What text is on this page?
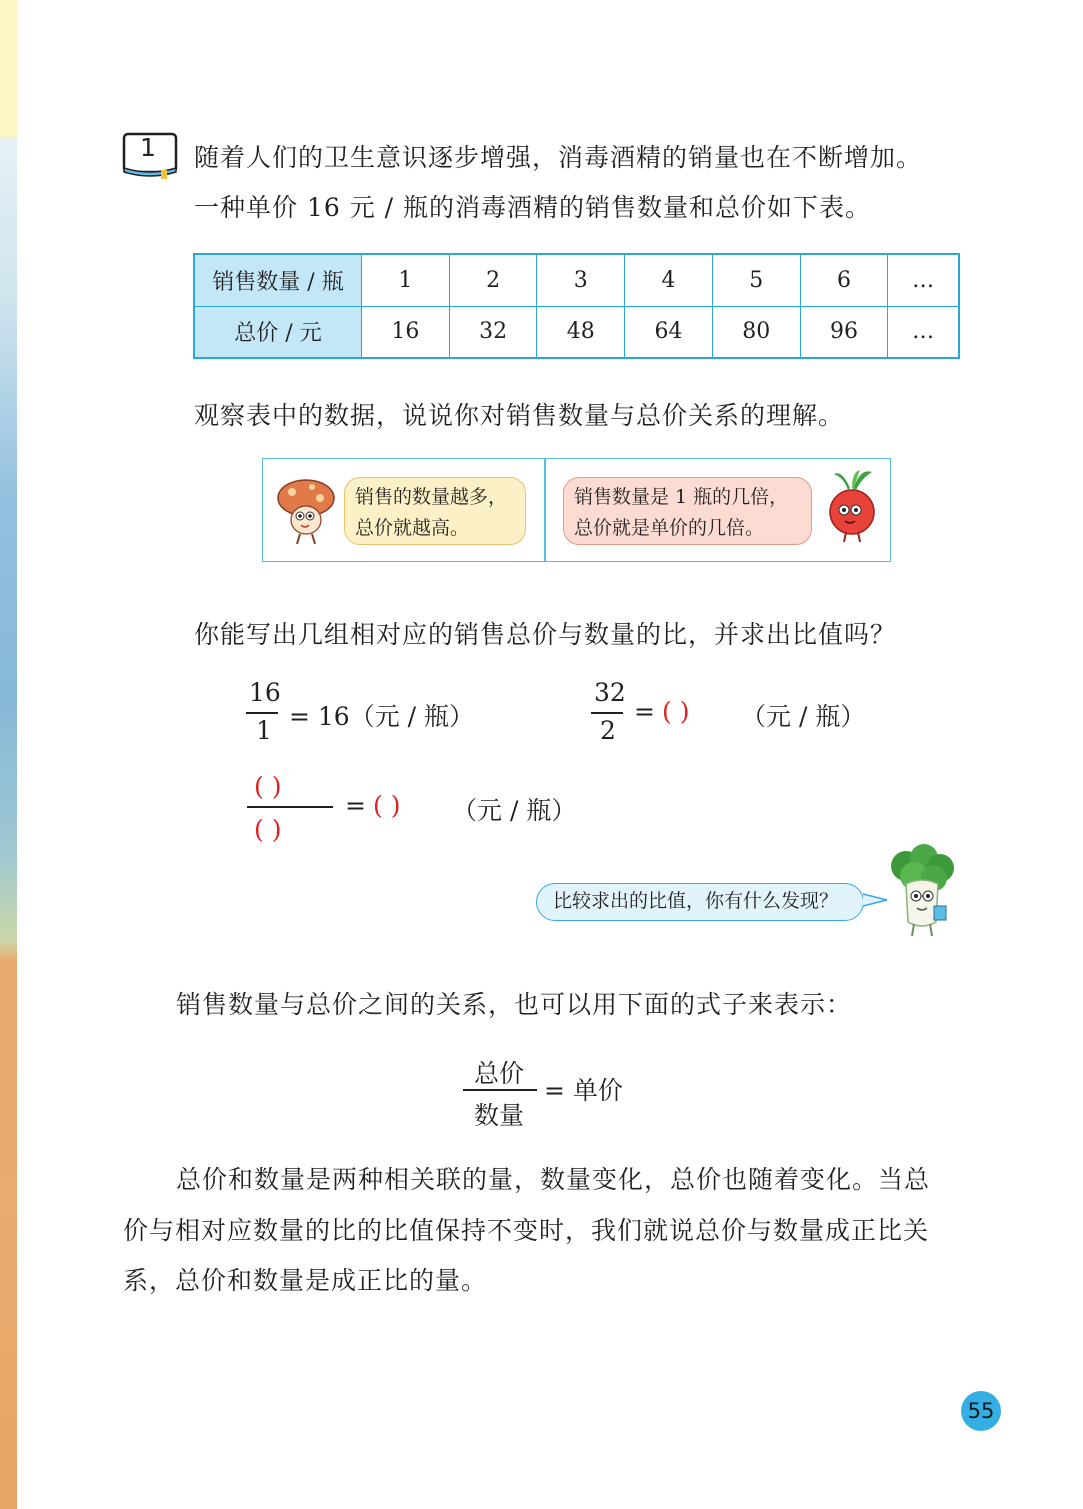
1 随着人们的卫生意识逐步增强，消毒酒精的销量也在不断增加。
一种单价 16 元 / 瓶的消毒酒精的销售数量和总价如下表。
销售数量 / 瓶	1	2	3	4	5	6	…
总价 / 元	16	32	48	64	80	96	…
观察表中的数据，说说你对销售数量与总价关系的理解。
销售的数量越多，
总价就越高。
销售数量是 1 瓶的几倍，
总价就是单价的几倍。
你能写出几组相对应的销售总价与数量的比，并求出比值吗？
16
1 = 16（元 / 瓶）
32
2
= ( ) （元 / 瓶）
( )
( )
= ( ) （元 / 瓶）
比较求出的比值，你有什么发现？
销售数量与总价之间的关系，也可以用下面的式子来表示：
总价
数量
= 单价
总价和数量是两种相关联的量，数量变化，总价也随着变化。当总
价与相对应数量的比的比值保持不变时，我们就说总价与数量成正比关
系，总价和数量是成正比的量。
55
